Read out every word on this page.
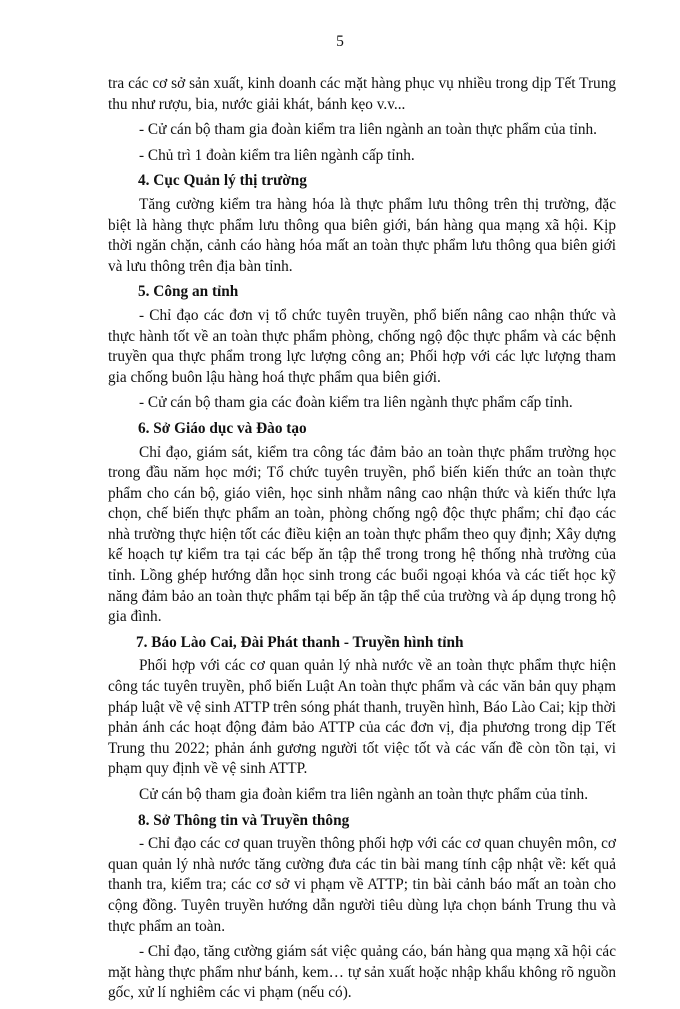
5

tra các cơ sở sản xuất, kinh doanh các mặt hàng phục vụ nhiều trong dịp Tết Trung thu như rượu, bia, nước giải khát, bánh kẹo v.v...

- Cử cán bộ tham gia đoàn kiểm tra liên ngành an toàn thực phẩm của tỉnh.

- Chủ trì 1 đoàn kiểm tra liên ngành cấp tỉnh.

4. Cục Quản lý thị trường

Tăng cường kiểm tra hàng hóa là thực phẩm lưu thông trên thị trường, đặc biệt là hàng thực phẩm lưu thông qua biên giới, bán hàng qua mạng xã hội. Kịp thời ngăn chặn, cảnh cáo hàng hóa mất an toàn thực phẩm lưu thông qua biên giới và lưu thông trên địa bàn tỉnh.

5. Công an tỉnh

- Chỉ đạo các đơn vị tổ chức tuyên truyền, phổ biến nâng cao nhận thức và thực hành tốt về an toàn thực phẩm phòng, chống ngộ độc thực phẩm và các bệnh truyền qua thực phẩm trong lực lượng công an; Phối hợp với các lực lượng tham gia chống buôn lậu hàng hoá thực phẩm qua biên giới.

- Cử cán bộ tham gia các đoàn kiểm tra liên ngành thực phẩm cấp tỉnh.

6. Sở Giáo dục và Đào tạo

Chỉ đạo, giám sát, kiểm tra công tác đảm bảo an toàn thực phẩm trường học trong đầu năm học mới; Tổ chức tuyên truyền, phổ biến kiến thức an toàn thực phẩm cho cán bộ, giáo viên, học sinh nhằm nâng cao nhận thức và kiến thức lựa chọn, chế biến thực phẩm an toàn, phòng chống ngộ độc thực phẩm; chỉ đạo các nhà trường thực hiện tốt các điều kiện an toàn thực phẩm theo quy định; Xây dựng kế hoạch tự kiểm tra tại các bếp ăn tập thể trong trong hệ thống nhà trường của tỉnh. Lồng ghép hướng dẫn học sinh trong các buổi ngoại khóa và các tiết học kỹ năng đảm bảo an toàn thực phẩm tại bếp ăn tập thể của trường và áp dụng trong hộ gia đình.

7. Báo Lào Cai, Đài Phát thanh - Truyền hình tỉnh

Phối hợp với các cơ quan quản lý nhà nước về an toàn thực phẩm thực hiện công tác tuyên truyền, phổ biến Luật An toàn thực phẩm và các văn bản quy phạm pháp luật về vệ sinh ATTP trên sóng phát thanh, truyền hình, Báo Lào Cai; kịp thời phản ánh các hoạt động đảm bảo ATTP của các đơn vị, địa phương trong dịp Tết Trung thu 2022; phản ánh gương người tốt việc tốt và các vấn đề còn tồn tại, vi phạm quy định về vệ sinh ATTP.

Cử cán bộ tham gia đoàn kiểm tra liên ngành an toàn thực phẩm của tỉnh.

8. Sở Thông tin và Truyền thông

- Chỉ đạo các cơ quan truyền thông phối hợp với các cơ quan chuyên môn, cơ quan quản lý nhà nước tăng cường đưa các tin bài mang tính cập nhật về: kết quả thanh tra, kiểm tra; các cơ sở vi phạm về ATTP; tin bài cảnh báo mất an toàn cho cộng đồng. Tuyên truyền hướng dẫn người tiêu dùng lựa chọn bánh Trung thu và thực phẩm an toàn.

- Chỉ đạo, tăng cường giám sát việc quảng cáo, bán hàng qua mạng xã hội các mặt hàng thực phẩm như bánh, kem… tự sản xuất hoặc nhập khẩu không rõ nguồn gốc, xử lí nghiêm các vi phạm (nếu có).
